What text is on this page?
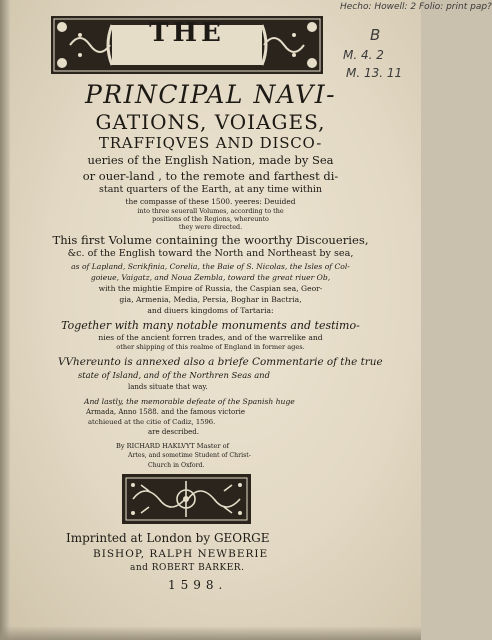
Hecho: Howell: 2 Folio: print pap?
B
M. 4. 2
M. 13. 11
THE
PRINCIPAL NAVI-
GATIONS, VOIAGES,
TRAFFIQVES AND DISCO-
ueries of the English Nation, made by Sea
or ouer-land , to the remote and farthest di-
stant quarters of the Earth, at any time within
the compasse of these 1500. yeeres: Deuided
into three seuerall Volumes, according to the
positions of the Regions, whereunto
they were directed.
This first Volume containing the woorthy Discoueries,
&c. of the English toward the North and Northeast by sea,
as of Lapland, Scrikfinia, Corelia, the Baie of S. Nicolas, the Isles of Col-
goieue, Vaigatz, and Noua Zembla, toward the great riuer Ob,
with the mightie Empire of Russia, the Caspian sea, Geor-
gia, Armenia, Media, Persia, Boghar in Bactria,
and diuers kingdoms of Tartaria:
Together with many notable monuments and testimo-
nies of the ancient forren trades, and of the warrelike and
other shipping of this realme of England in former ages.
VVhereunto is annexed also a briefe Commentarie of the true
state of Island, and of the Northren Seas and
lands situate that way.
And lastly, the memorable defeate of the Spanish huge
Armada, Anno 1588. and the famous victorie
atchieued at the citie of Cadiz, 1596.
are described.
By RICHARD HAKLVYT Master of
Artes, and sometime Student of Christ-
Church in Oxford.
Imprinted at London by GEORGE
BISHOP, RALPH NEWBERIE
and ROBERT BARKER.
1598.
